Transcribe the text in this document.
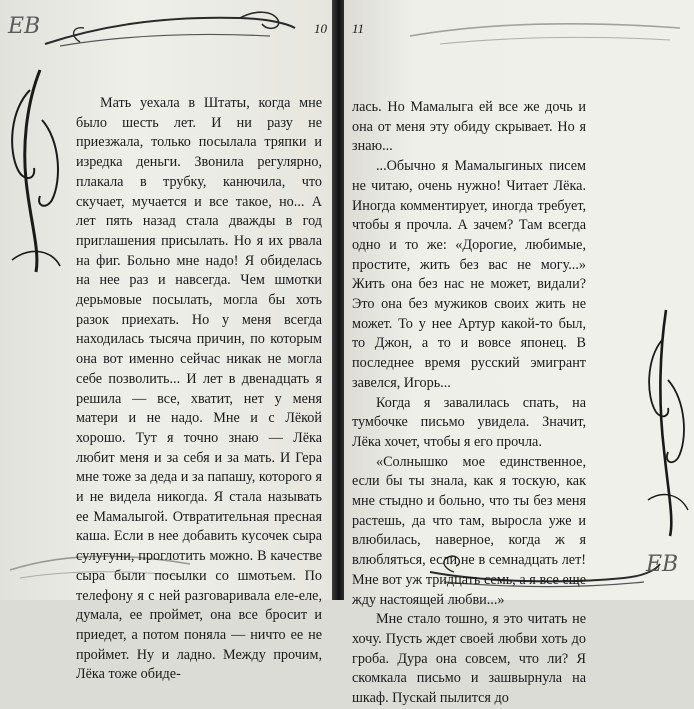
ЕВ	10

Мать уехала в Штаты, когда мне было шесть лет. И ни разу не приезжала, только посылала тряпки и изредка деньги. Звонила регулярно, плакала в трубку, канючила, что скучает, мучается и все такое, но... А лет пять назад стала дважды в год приглашения присылать. Но я их рвала на фиг. Больно мне надо! Я обиделась на нее раз и навсегда. Чем шмотки дерьмовые посылать, могла бы хоть разок приехать. Но у меня всегда находилась тысяча причин, по которым она вот именно сейчас никак не могла себе позволить... И лет в двенадцать я решила — все, хватит, нет у меня матери и не надо. Мне и с Лёкой хорошо. Тут я точно знаю — Лёка любит меня и за себя и за мать. И Гера мне тоже за деда и за папашу, которого я и не видела никогда. Я стала называть ее Мамалыгой. Отвратительная пресная каша. Если в нее добавить кусочек сыра сулугуни, проглотить можно. В качестве сыра были посылки со шмотьем. По телефону я с ней разговаривала еле-еле, думала, ее проймет, она все бросит и приедет, а потом поняла — ничто ее не проймет. Ну и ладно. Между прочим, Лёка тоже обиде-

ЕВ
11

лась. Но Мамалыга ей все же дочь и она от меня эту обиду скрывает. Но я знаю...

...Обычно я Мамалыгиных писем не читаю, очень нужно! Читает Лёка. Иногда комментирует, иногда требует, чтобы я прочла. А зачем? Там всегда одно и то же: «Дорогие, любимые, простите, жить без вас не могу...» Жить она без нас не может, видали? Это она без мужиков своих жить не может. То у нее Артур какой-то был, то Джон, а то и вовсе японец. В последнее время русский эмигрант завелся, Игорь...

Когда я завалилась спать, на тумбочке письмо увидела. Значит, Лёка хочет, чтобы я его прочла.

«Солнышко мое единственное, если бы ты знала, как я тоскую, как мне стыдно и больно, что ты без меня растешь, да что там, выросла уже и влюбилась, наверное, когда ж я влюбляться, если не в семнадцать лет! Мне вот уж тридцать семь, а я все еще жду настоящей любви...»

Мне стало тошно, я это читать не хочу. Пусть ждет своей любви хоть до гроба. Дура она совсем, что ли? Я скомкала письмо и зашвырнула на шкаф. Пускай пылится до
